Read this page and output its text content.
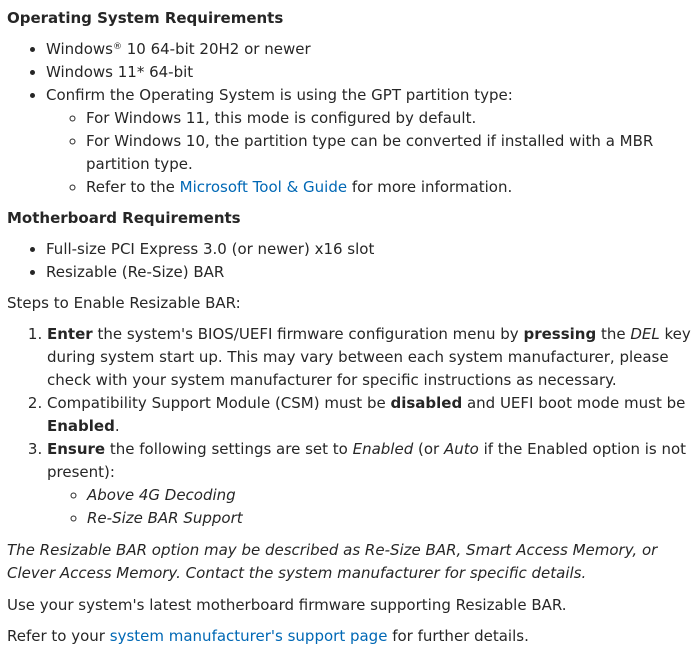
Operating System Requirements
• Windows® 10 64-bit 20H2 or newer
• Windows 11* 64-bit
• Confirm the Operating System is using the GPT partition type:
◦ For Windows 11, this mode is configured by default.
◦ For Windows 10, the partition type can be converted if installed with a MBR partition type.
◦ Refer to the Microsoft Tool & Guide for more information.
Motherboard Requirements
• Full-size PCI Express 3.0 (or newer) x16 slot
• Resizable (Re-Size) BAR

Steps to Enable Resizable BAR:

1. Enter the system's BIOS/UEFI firmware configuration menu by pressing the DEL key during system start up. This may vary between each system manufacturer, please check with your system manufacturer for specific instructions as necessary.
2. Compatibility Support Module (CSM) must be disabled and UEFI boot mode must be Enabled.
3. Ensure the following settings are set to Enabled (or Auto if the Enabled option is not present):
◦ Above 4G Decoding
◦ Re-Size BAR Support

The Resizable BAR option may be described as Re-Size BAR, Smart Access Memory, or Clever Access Memory. Contact the system manufacturer for specific details.

Use your system's latest motherboard firmware supporting Resizable BAR.

Refer to your system manufacturer's support page for further details.
